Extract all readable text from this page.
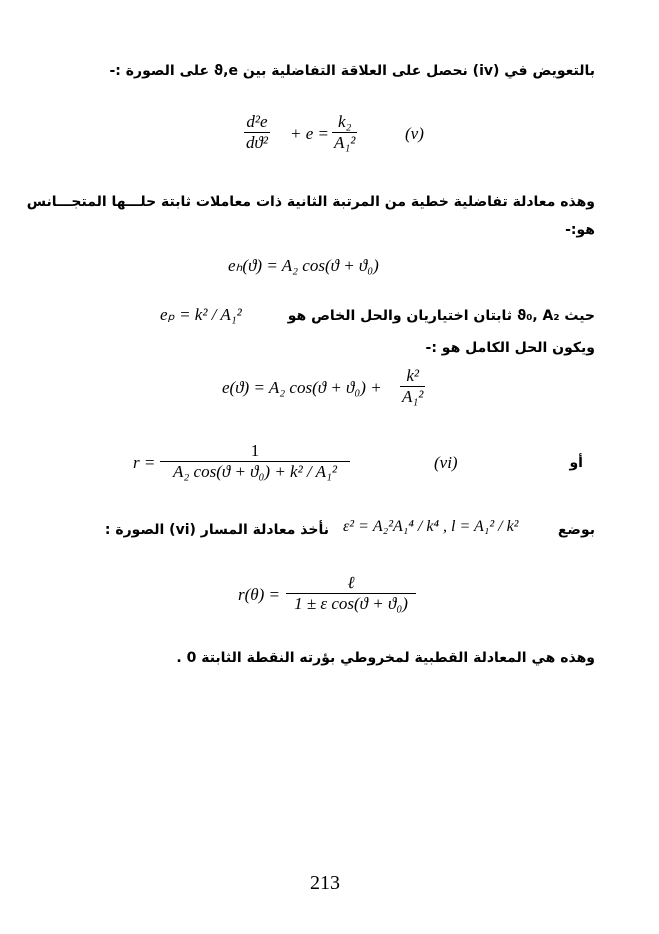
بالتعويض في (iv) نحصل على العلاقة التفاضلية بين ϑ,e على الصورة :-
$\frac{\text{d²e}}{\text{dϑ²}} + e = \frac{\text{k₂}}{\text{A₁²}}$	(v)
وهذه معادلة تفاضلية خطية من المرتبة الثانية ذات معاملات ثابتة حلـــها المتجـــانس
هو:-
eₕ(ϑ) = A₂ cos(ϑ + ϑ₀)
حيث ϑ₀, A₂ ثابتان اختياريان والحل الخاص هو
eₚ = k² / A₁²
ويكون الحل الكامل هو :-
e(ϑ) = A₂ $\cos(ϑ + ϑ_0) + \frac{\text{k²}}{\text{A₁²}}$
$r = \frac{1}{\text{A₂ cos(ϑ + ϑ₀) + k² / A₁²}}$	(vi)	أو
بوضع
ε² = A₂²A₁⁴ / k⁴ , l = A₁² / k²
نأخذ معادلة المسار (vi) الصورة :
r(θ) =
ℓ
1 ± ε cos(ϑ + ϑ₀)
وهذه هي المعادلة القطبية لمخروطي بؤرته النقطة الثابتة 0 .
213
